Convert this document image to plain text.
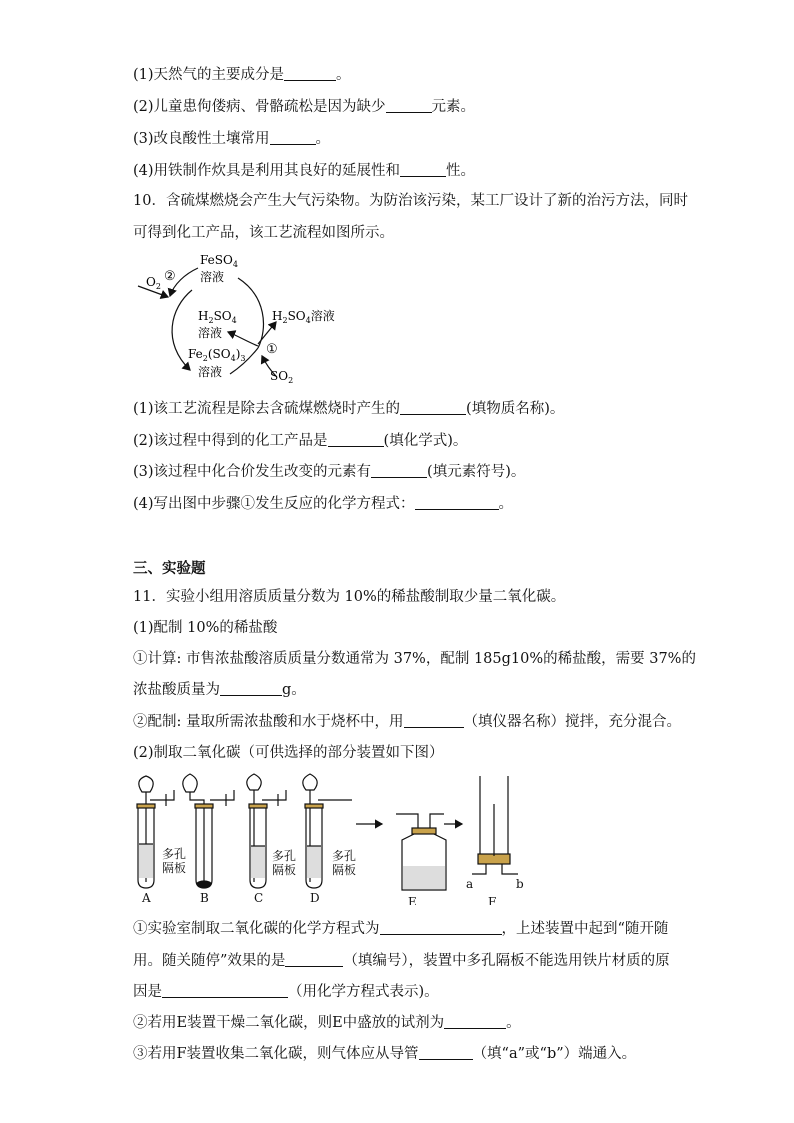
(1)天然气的主要成分是	。
(2)儿童患佝偻病、骨骼疏松是因为缺少	元素。
(3)改良酸性土壤常用	。
(4)用铁制作炊具是利用其良好的延展性和	性。
10．含硫煤燃烧会产生大气污染物。为防治该污染，某工厂设计了新的治污方法，同时
可得到化工产品，该工艺流程如图所示。
FeSO$_4$
溶液
$O_2$
②
$H_2SO_4$
溶液
$H_2SO_4$溶液
$Fe_2(SO_4)_3$
溶液
①
$SO_2$
(1)该工艺流程是除去含硫煤燃烧时产生的	(填物质名称)。
(2)该过程中得到的化工产品是	(填化学式)。
(3)该过程中化合价发生改变的元素有	(填元素符号)。
(4)写出图中步骤①发生反应的化学方程式：	。
三、实验题
11．实验小组用溶质质量分数为 10%的稀盐酸制取少量二氧化碳。
(1)配制 10%的稀盐酸
①计算: 市售浓盐酸溶质质量分数通常为 37%，配制 185g10%的稀盐酸，需要 37%的
浓盐酸质量为	g。
②配制: 量取所需浓盐酸和水于烧杯中，用	（填仪器名称）搅拌，充分混合。
(2)制取二氧化碳（可供选择的部分装置如下图）
A	B	C	D	E	F
多孔
隔板
多孔
隔板
多孔
隔板
a	b
①实验室制取二氧化碳的化学方程式为	，上述装置中起到“随开随
用。随关随停”效果的是	（填编号），装置中多孔隔板不能选用铁片材质的原
因是	（用化学方程式表示)。
②若用E装置干燥二氧化碳，则E中盛放的试剂为	。
③若用F装置收集二氧化碳，则气体应从导管	（填“a”或“b”）端通入。
